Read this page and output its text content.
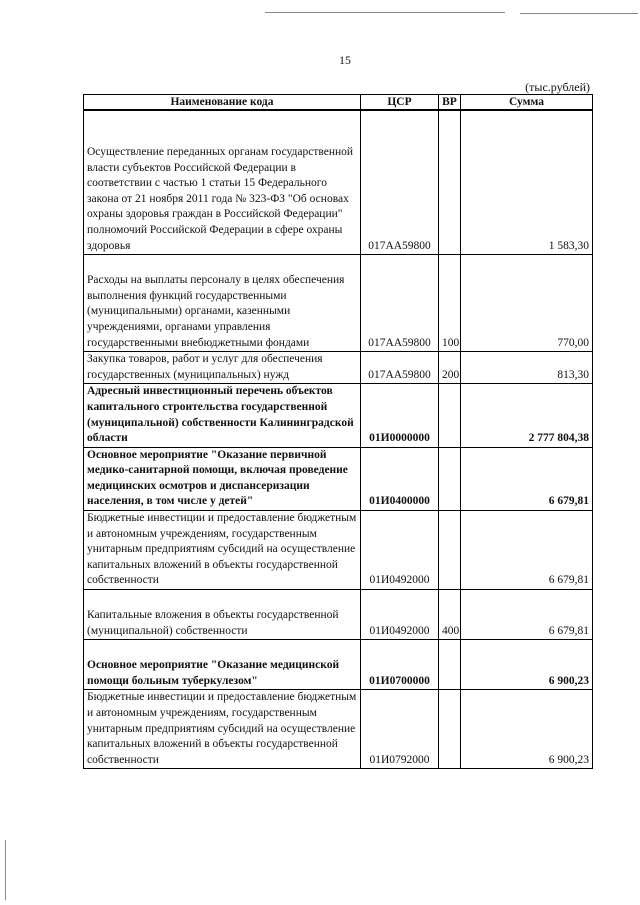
15
(тыс.рублей)
Наименование кода	ЦСР	ВР	Сумма
Осуществление переданных органам государственной власти субъектов Российской Федерации в соответствии с частью 1 статьи 15 Федерального закона от 21 ноября 2011 года № 323-ФЗ "Об основах охраны здоровья граждан в Российской Федерации" полномочий Российской Федерации в сфере охраны здоровья	017АА59800		1 583,30
Расходы на выплаты персоналу в целях обеспечения выполнения функций государственными (муниципальными) органами, казенными учреждениями, органами управления государственными внебюджетными фондами	017АА59800	100	770,00
Закупка товаров, работ и услуг для обеспечения государственных (муниципальных) нужд	017АА59800	200	813,30
Адресный инвестиционный перечень объектов капитального строительства государственной (муниципальной) собственности Калининградской области	01И0000000		2 777 804,38
Основное мероприятие "Оказание первичной медико-санитарной помощи, включая проведение медицинских осмотров и диспансеризации населения, в том числе у детей"	01И0400000		6 679,81
Бюджетные инвестиции и предоставление бюджетным и автономным учреждениям, государственным унитарным предприятиям субсидий на осуществление капитальных вложений в объекты государственной собственности	01И0492000		6 679,81
Капитальные вложения в объекты государственной (муниципальной) собственности	01И0492000	400	6 679,81
Основное мероприятие "Оказание медицинской помощи больным туберкулезом"	01И0700000		6 900,23
Бюджетные инвестиции и предоставление бюджетным и автономным учреждениям, государственным унитарным предприятиям субсидий на осуществление капитальных вложений в объекты государственной собственности	01И0792000		6 900,23
